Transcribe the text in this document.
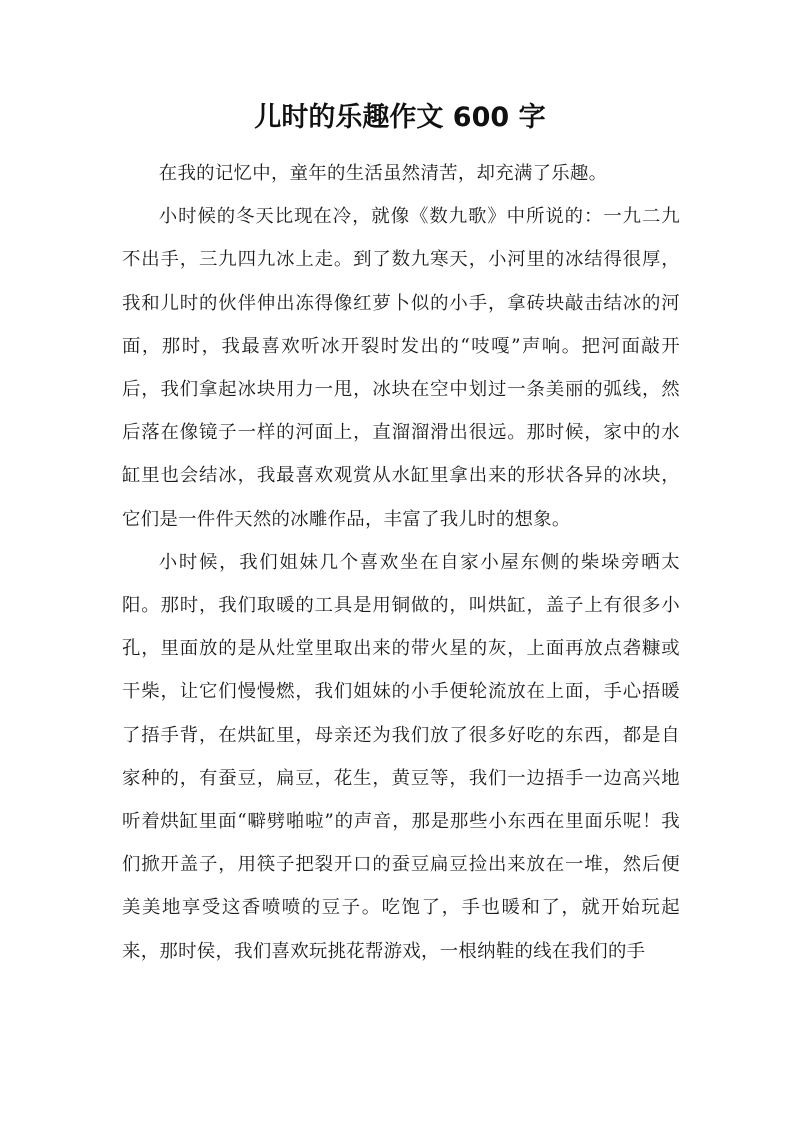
儿时的乐趣作文 600 字

在我的记忆中，童年的生活虽然清苦，却充满了乐趣。

小时候的冬天比现在冷，就像《数九歌》中所说的：一九二九不出手，三九四九冰上走。到了数九寒天，小河里的冰结得很厚，我和儿时的伙伴伸出冻得像红萝卜似的小手，拿砖块敲击结冰的河面，那时，我最喜欢听冰开裂时发出的“吱嘎”声响。把河面敲开后，我们拿起冰块用力一甩，冰块在空中划过一条美丽的弧线，然后落在像镜子一样的河面上，直溜溜滑出很远。那时候，家中的水缸里也会结冰，我最喜欢观赏从水缸里拿出来的形状各异的冰块，它们是一件件天然的冰雕作品，丰富了我儿时的想象。

小时候，我们姐妹几个喜欢坐在自家小屋东侧的柴垛旁晒太阳。那时，我们取暖的工具是用铜做的，叫烘缸，盖子上有很多小孔，里面放的是从灶堂里取出来的带火星的灰，上面再放点砻糠或干柴，让它们慢慢燃，我们姐妹的小手便轮流放在上面，手心捂暖了捂手背，在烘缸里，母亲还为我们放了很多好吃的东西，都是自家种的，有蚕豆，扁豆，花生，黄豆等，我们一边捂手一边高兴地听着烘缸里面“噼劈啪啦”的声音，那是那些小东西在里面乐呢！我们掀开盖子，用筷子把裂开口的蚕豆扁豆捡出来放在一堆，然后便美美地享受这香喷喷的豆子。吃饱了，手也暖和了，就开始玩起来，那时侯，我们喜欢玩挑花帮游戏，一根纳鞋的线在我们的手
